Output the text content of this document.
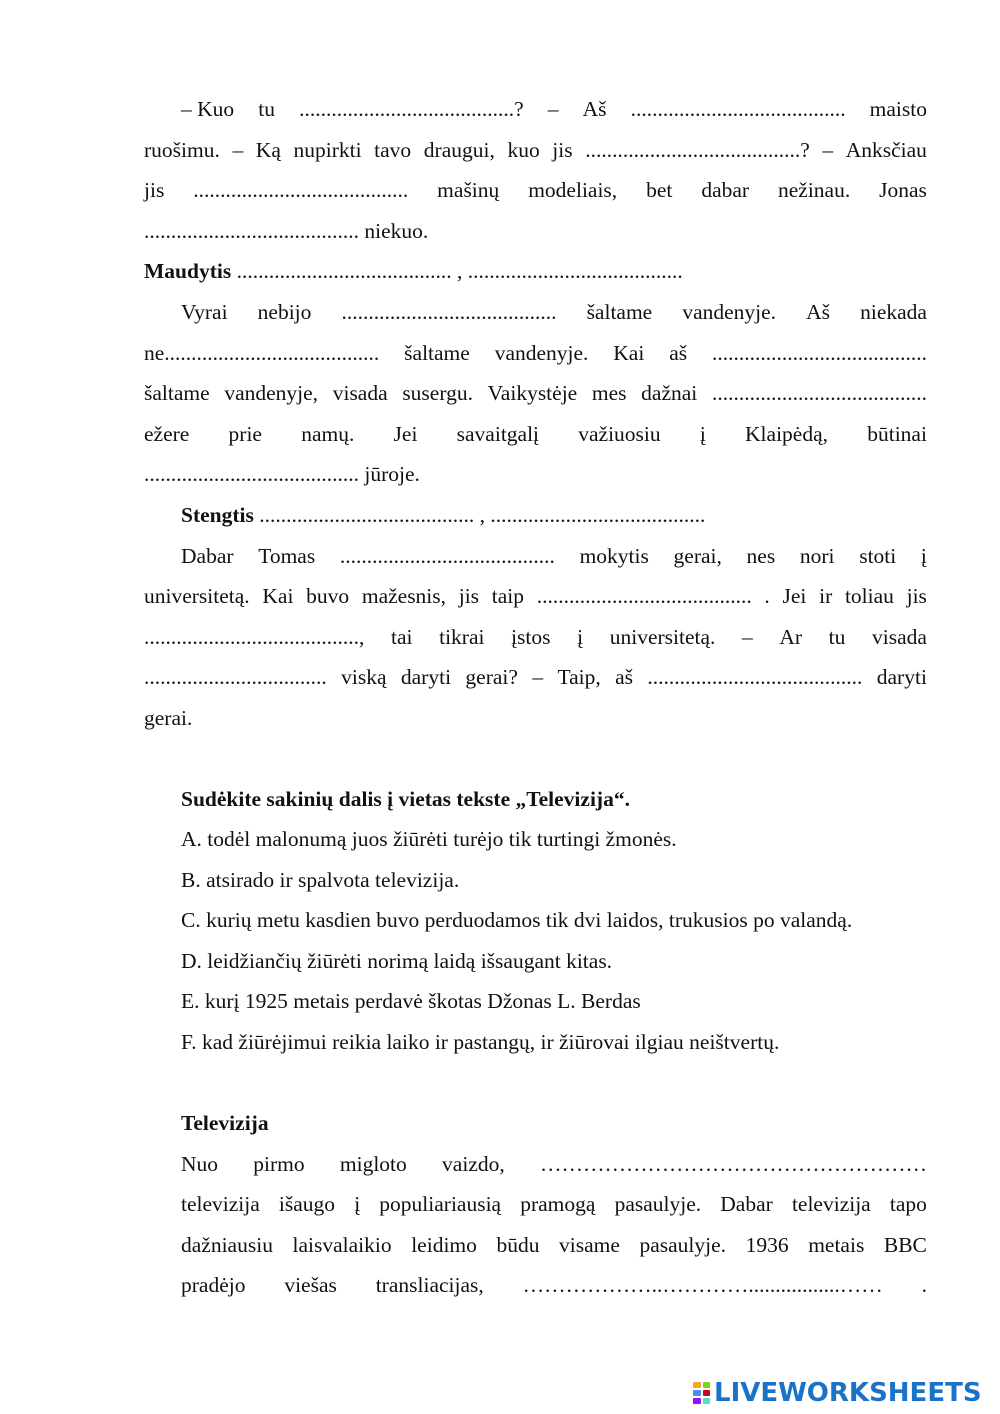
– Kuo tu ........................................? – Aš ........................................ maisto
ruošimu. – Ką nupirkti tavo draugui, kuo jis ........................................? – Anksčiau
jis ........................................ mašinų modeliais, bet dabar nežinau. Jonas
........................................ niekuo.
Maudytis ........................................ , ........................................
Vyrai nebijo ........................................ šaltame vandenyje. Aš niekada
ne........................................ šaltame vandenyje. Kai aš ........................................
šaltame vandenyje, visada susergu. Vaikystėje mes dažnai ........................................
ežere prie namų. Jei savaitgalį važiuosiu į Klaipėdą, būtinai
........................................ jūroje.
Stengtis ........................................ , ........................................
Dabar Tomas ........................................ mokytis gerai, nes nori stoti į
universitetą. Kai buvo mažesnis, jis taip ........................................ . Jei ir toliau jis
........................................, tai tikrai įstos į universitetą. – Ar tu visada
.................................. viską daryti gerai? – Taip, aš ........................................ daryti
gerai.
Sudėkite sakinių dalis į vietas tekste „Televizija“.
A. todėl malonumą juos žiūrėti turėjo tik turtingi žmonės.
B. atsirado ir spalvota televizija.
C. kurių metu kasdien buvo perduodamos tik dvi laidos, trukusios po valandą.
D. leidžiančių žiūrėti norimą laidą išsaugant kitas.
E. kurį 1925 metais perdavė škotas Džonas L. Berdas
F. kad žiūrėjimui reikia laiko ir pastangų, ir žiūrovai ilgiau neištvertų.
Televizija
Nuo pirmo migloto vaizdo, ………………………………………………
televizija išaugo į populiariausią pramogą pasaulyje. Dabar televizija tapo
dažniausiu laisvalaikio leidimo būdu visame pasaulyje. 1936 metais BBC
pradėjo viešas transliacijas, ………………..………….................…… .
LIVEWORKSHEETS
